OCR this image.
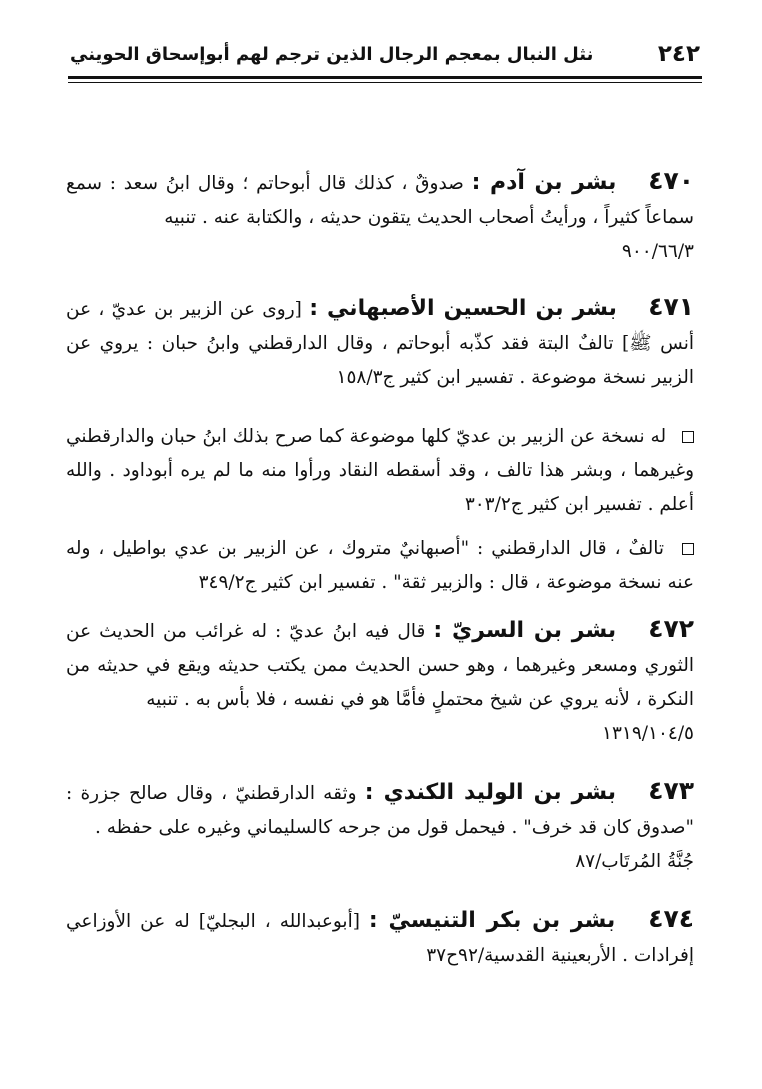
٢٤٢
نثل النبال بمعجم الرجال الذين ترجم لهم أبوإسحاق الحويني
٤٧٠ بشر بن آدم : صدوقٌ ، كذلك قال أبوحاتم ؛ وقال ابنُ سعد : سمع سماعاً كثيراً ، ورأيتُ أصحاب الحديث يتقون حديثه ، والكتابة عنه . تنبيه
٩٠٠/٦٦/٣
٤٧١ بشر بن الحسين الأصبهاني : [روى عن الزبير بن عديّ ، عن أنس ﷺ] تالفٌ البتة فقد كذّبه أبوحاتم ، وقال الدارقطني وابنُ حبان : يروي عن الزبير نسخة موضوعة . تفسير ابن كثير ج١٥٨/٣
له نسخة عن الزبير بن عديّ كلها موضوعة كما صرح بذلك ابنُ حبان والدارقطني وغيرهما ، وبشر هذا تالف ، وقد أسقطه النقاد ورأوا منه ما لم يره أبوداود . والله أعلم . تفسير ابن كثير ج٣٠٣/٢
تالفٌ ، قال الدارقطني : "أصبهانيٌ متروك ، عن الزبير بن عدي بواطيل ، وله عنه نسخة موضوعة ، قال : والزبير ثقة" . تفسير ابن كثير ج٣٤٩/٢
٤٧٢ بشر بن السريّ : قال فيه ابنُ عديّ : له غرائب من الحديث عن الثوري ومسعر وغيرهما ، وهو حسن الحديث ممن يكتب حديثه ويقع في حديثه من النكرة ، لأنه يروي عن شيخ محتملٍ فأمَّا هو في نفسه ، فلا بأس به . تنبيه
١٣١٩/١٠٤/٥
٤٧٣ بشر بن الوليد الكندي : وثقه الدارقطنيّ ، وقال صالح جزرة : "صدوق كان قد خرف" . فيحمل قول من جرحه كالسليماني وغيره على حفظه .
جُنَّةُ المُرتَاب/٨٧
٤٧٤ بشر بن بكر التنيسيّ : [أبوعبدالله ، البجليّ] له عن الأوزاعي إفرادات . الأربعينية القدسية/٩٢ح٣٧
